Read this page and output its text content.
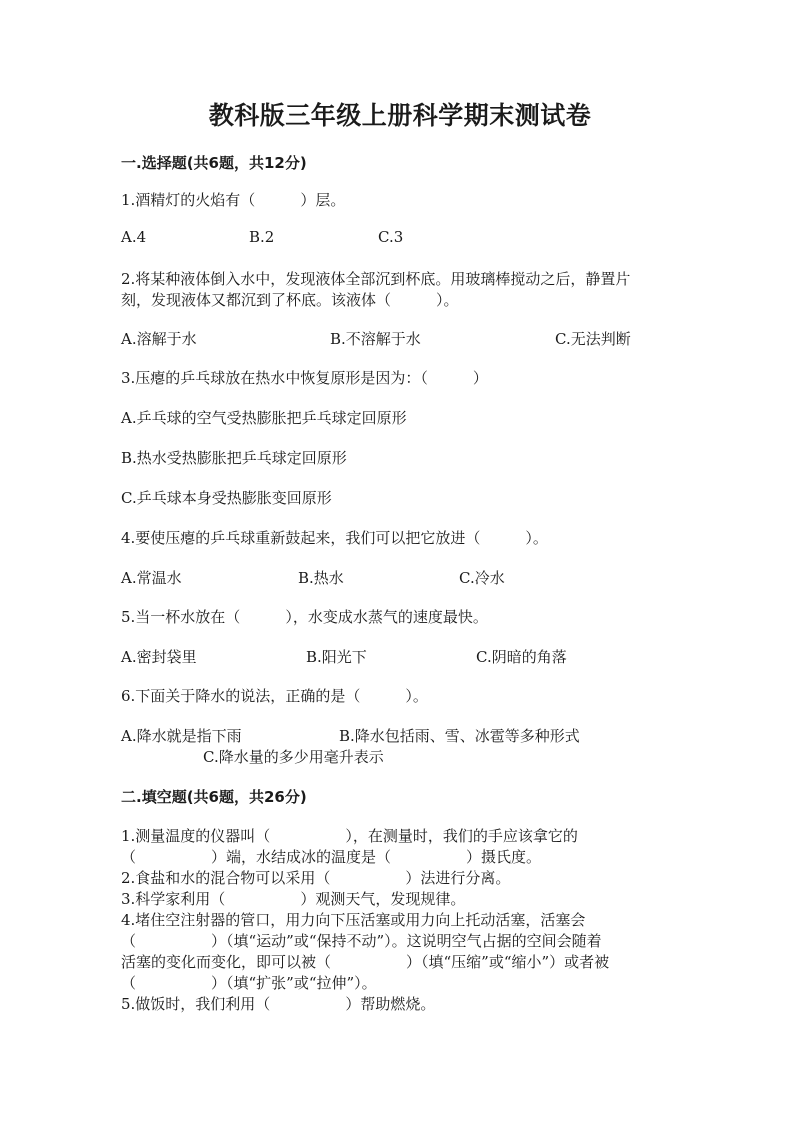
教科版三年级上册科学期末测试卷
一.选择题(共6题，共12分)
1.酒精灯的火焰有（　　　）层。
A.4	B.2	C.3
2.将某种液体倒入水中，发现液体全部沉到杯底。用玻璃棒搅动之后，静置片
刻，发现液体又都沉到了杯底。该液体（　　　）。
A.溶解于水	B.不溶解于水	C.无法判断
3.压瘪的乒乓球放在热水中恢复原形是因为：（　　　）
A.乒乓球的空气受热膨胀把乒乓球定回原形
B.热水受热膨胀把乒乓球定回原形
C.乒乓球本身受热膨胀变回原形
4.要使压瘪的乒乓球重新鼓起来，我们可以把它放进（　　　）。
A.常温水	B.热水	C.冷水
5.当一杯水放在（　　　），水变成水蒸气的速度最快。
A.密封袋里	B.阳光下	C.阴暗的角落
6.下面关于降水的说法，正确的是（　　　）。
A.降水就是指下雨	B.降水包括雨、雪、冰雹等多种形式
C.降水量的多少用毫升表示
二.填空题(共6题，共26分)
1.测量温度的仪器叫（　　　　　），在测量时，我们的手应该拿它的
（　　　　　）端，水结成冰的温度是（　　　　　）摄氏度。
2.食盐和水的混合物可以采用（　　　　　）法进行分离。
3.科学家利用（　　　　　）观测天气，发现规律。
4.堵住空注射器的管口，用力向下压活塞或用力向上托动活塞，活塞会
（　　　　　）（填“运动”或“保持不动”）。这说明空气占据的空间会随着
活塞的变化而变化，即可以被（　　　　　）（填“压缩”或“缩小”）或者被
（　　　　　）（填“扩张”或“拉伸”）。
5.做饭时，我们利用（　　　　　）帮助燃烧。
